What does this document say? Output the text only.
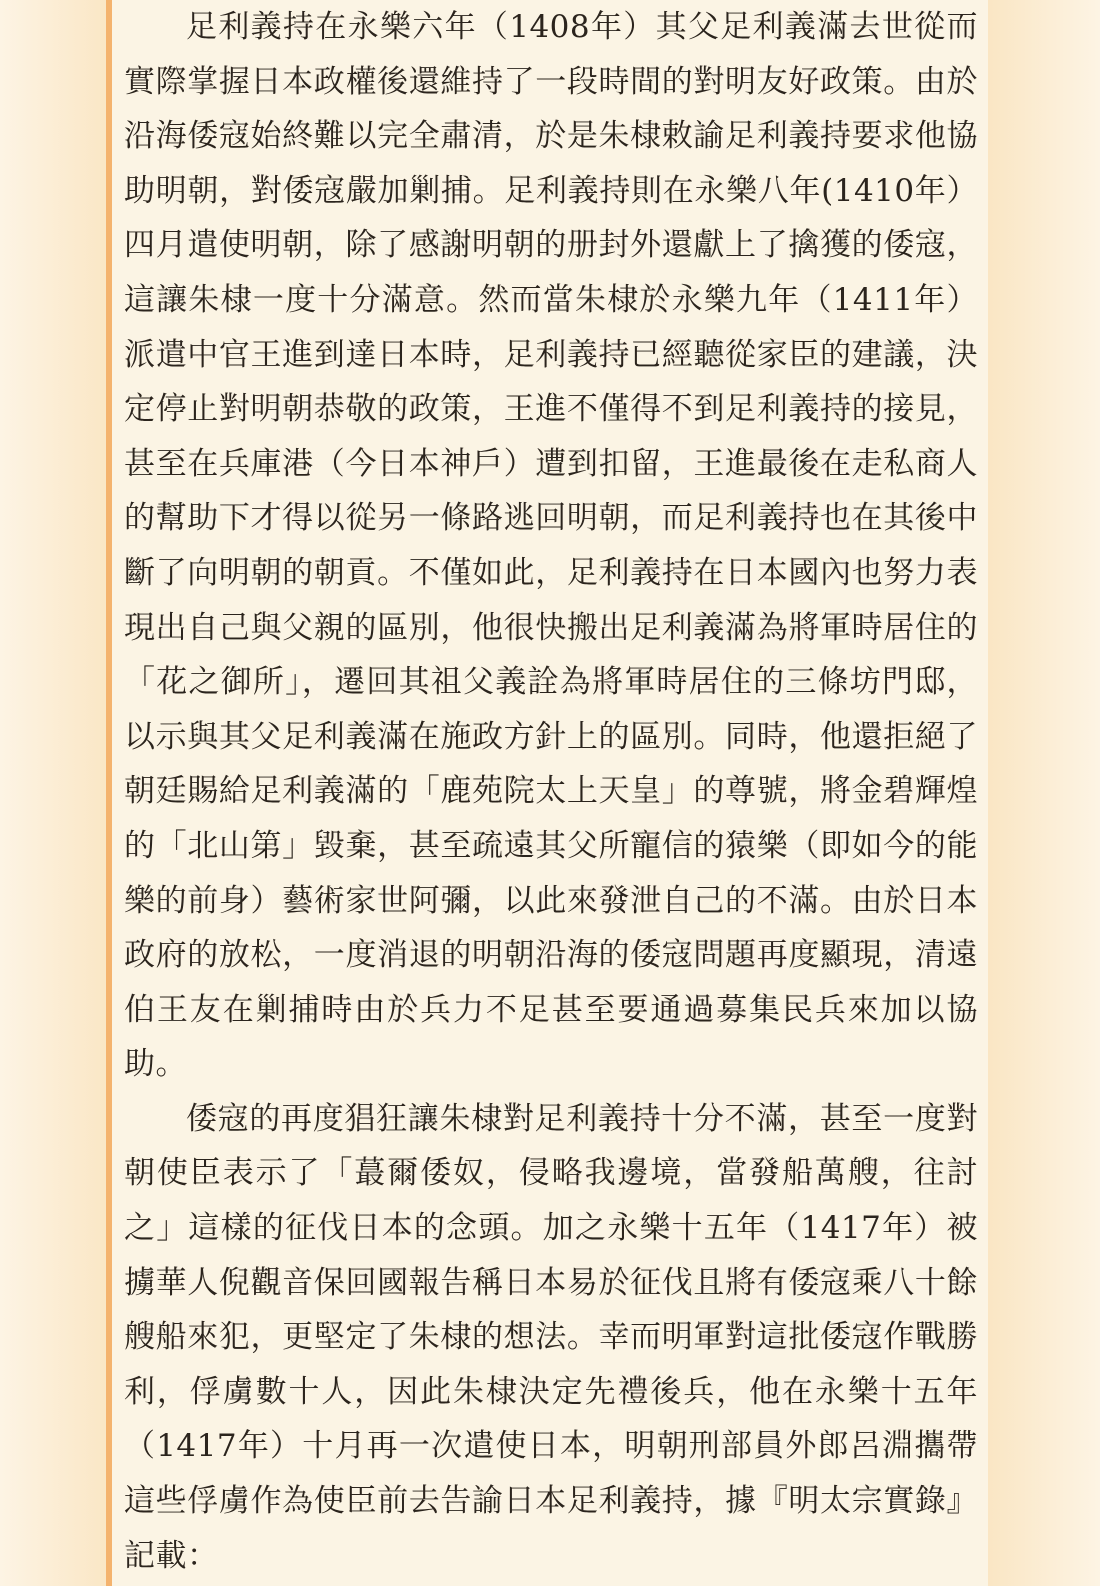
足利義持在永樂六年（1408年）其父足利義滿去世從而實際掌握日本政權後還維持了一段時間的對明友好政策。由於沿海倭寇始終難以完全肅清，於是朱棣敕諭足利義持要求他協助明朝，對倭寇嚴加剿捕。足利義持則在永樂八年(1410年）四月遣使明朝，除了感謝明朝的册封外還獻上了擒獲的倭寇，這讓朱棣一度十分滿意。然而當朱棣於永樂九年（1411年）派遣中官王進到達日本時，足利義持已經聽從家臣的建議，決定停止對明朝恭敬的政策，王進不僅得不到足利義持的接見，甚至在兵庫港（今日本神戶）遭到扣留，王進最後在走私商人的幫助下才得以從另一條路逃回明朝，而足利義持也在其後中斷了向明朝的朝貢。不僅如此，足利義持在日本國內也努力表現出自己與父親的區別，他很快搬出足利義滿為將軍時居住的「花之御所」，遷回其祖父義詮為將軍時居住的三條坊門邸，以示與其父足利義滿在施政方針上的區別。同時，他還拒絕了朝廷賜給足利義滿的「鹿苑院太上天皇」的尊號，將金碧輝煌的「北山第」毀棄，甚至疏遠其父所寵信的猿樂（即如今的能樂的前身）藝術家世阿彌，以此來發泄自己的不滿。由於日本政府的放松，一度消退的明朝沿海的倭寇問題再度顯現，清遠伯王友在剿捕時由於兵力不足甚至要通過募集民兵來加以協助。

倭寇的再度猖狂讓朱棣對足利義持十分不滿，甚至一度對朝使臣表示了「蕞爾倭奴，侵略我邊境，當發船萬艘，往討之」這樣的征伐日本的念頭。加之永樂十五年（1417年）被擄華人倪觀音保回國報告稱日本易於征伐且將有倭寇乘八十餘艘船來犯，更堅定了朱棣的想法。幸而明軍對這批倭寇作戰勝利，俘虜數十人，因此朱棣決定先禮後兵，他在永樂十五年（1417年）十月再一次遣使日本，明朝刑部員外郎呂淵攜帶這些俘虜作為使臣前去告諭日本足利義持，據『明太宗實錄』記載：
